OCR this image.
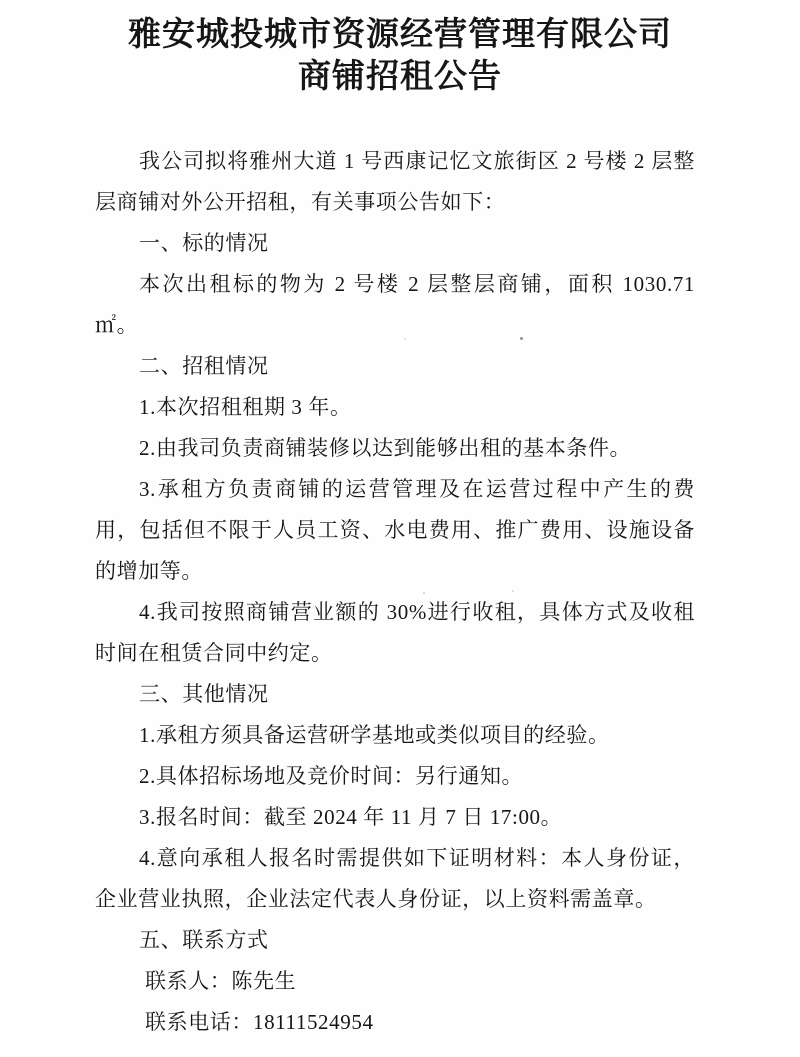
雅安城投城市资源经营管理有限公司
商铺招租公告

我公司拟将雅州大道 1 号西康记忆文旅街区 2 号楼 2 层整层商铺对外公开招租，有关事项公告如下：

一、标的情况

本次出租标的物为 2 号楼 2 层整层商铺，面积 1030.71 ㎡。

二、招租情况

1.本次招租租期 3 年。

2.由我司负责商铺装修以达到能够出租的基本条件。

3.承租方负责商铺的运营管理及在运营过程中产生的费用，包括但不限于人员工资、水电费用、推广费用、设施设备的增加等。

4.我司按照商铺营业额的 30%进行收租，具体方式及收租时间在租赁合同中约定。

三、其他情况

1.承租方须具备运营研学基地或类似项目的经验。

2.具体招标场地及竞价时间：另行通知。

3.报名时间：截至 2024 年 11 月 7 日 17:00。

4.意向承租人报名时需提供如下证明材料：本人身份证，企业营业执照，企业法定代表人身份证，以上资料需盖章。

五、联系方式

联系人：陈先生

联系电话：18111524954
